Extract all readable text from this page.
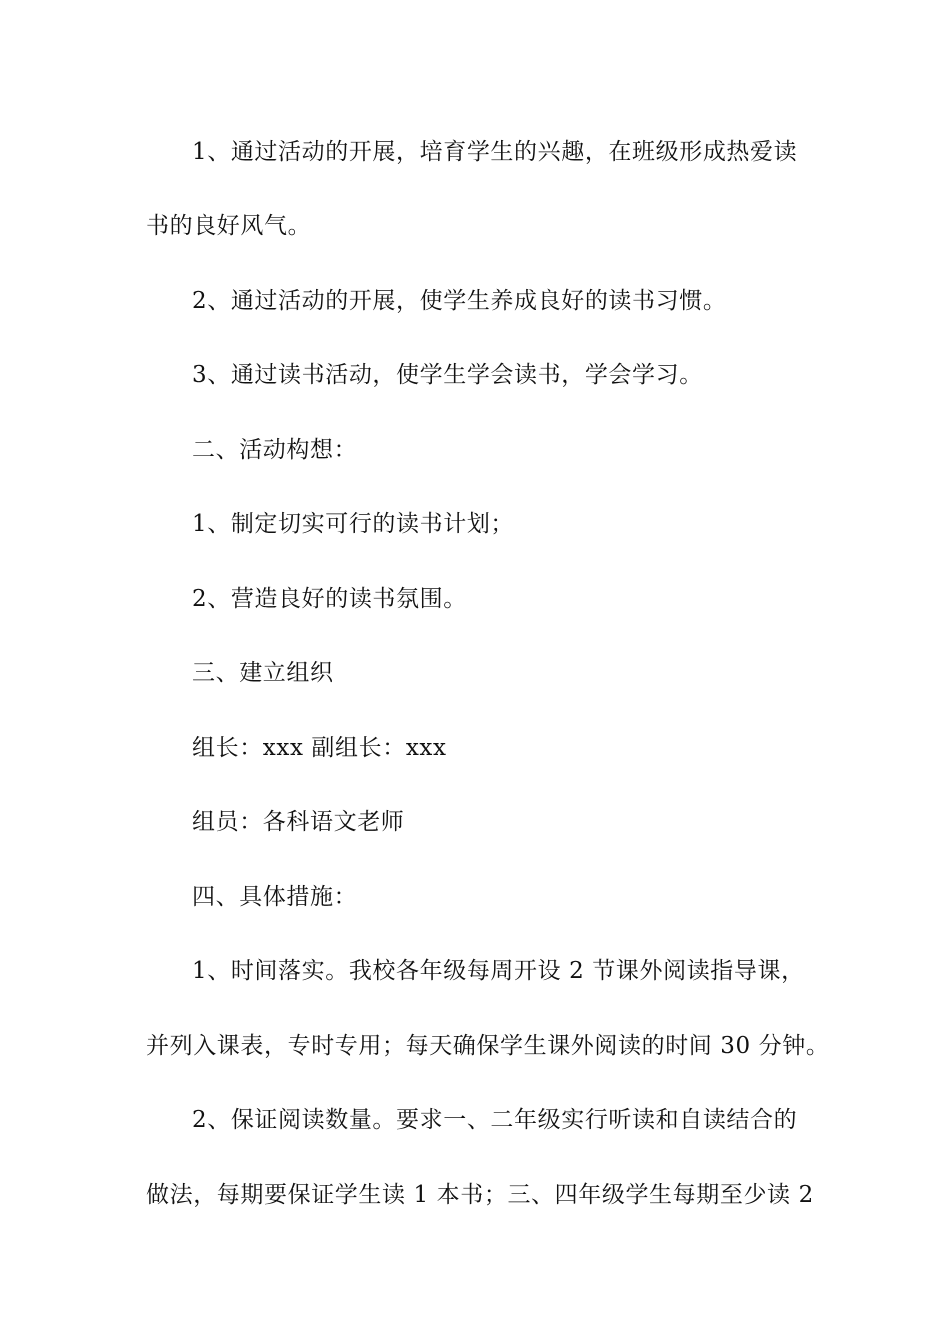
1、通过活动的开展，培育学生的兴趣，在班级形成热爱读

书的良好风气。

2、通过活动的开展，使学生养成良好的读书习惯。

3、通过读书活动，使学生学会读书，学会学习。

二、活动构想：

1、制定切实可行的读书计划；

2、营造良好的读书氛围。

三、建立组织

组长：xxx 副组长：xxx

组员：各科语文老师

四、具体措施：

1、时间落实。我校各年级每周开设 2 节课外阅读指导课，

并列入课表，专时专用；每天确保学生课外阅读的时间 30 分钟。

2、保证阅读数量。要求一、二年级实行听读和自读结合的

做法，每期要保证学生读 1 本书；三、四年级学生每期至少读 2
